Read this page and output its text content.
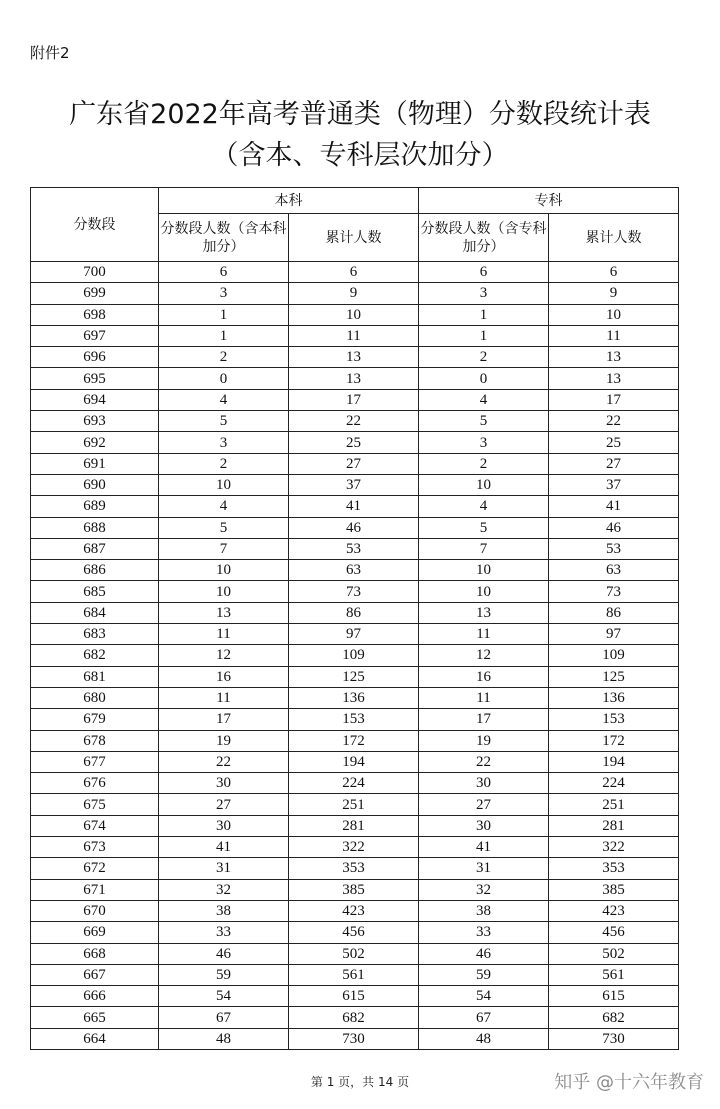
附件2
广东省2022年高考普通类（物理）分数段统计表
（含本、专科层次加分）
分数段	本科		专科	
	分数段人数（含本科加分）	累计人数	分数段人数（含专科加分）	累计人数
700	6	6	6	6
699	3	9	3	9
698	1	10	1	10
697	1	11	1	11
696	2	13	2	13
695	0	13	0	13
694	4	17	4	17
693	5	22	5	22
692	3	25	3	25
691	2	27	2	27
690	10	37	10	37
689	4	41	4	41
688	5	46	5	46
687	7	53	7	53
686	10	63	10	63
685	10	73	10	73
684	13	86	13	86
683	11	97	11	97
682	12	109	12	109
681	16	125	16	125
680	11	136	11	136
679	17	153	17	153
678	19	172	19	172
677	22	194	22	194
676	30	224	30	224
675	27	251	27	251
674	30	281	30	281
673	41	322	41	322
672	31	353	31	353
671	32	385	32	385
670	38	423	38	423
669	33	456	33	456
668	46	502	46	502
667	59	561	59	561
666	54	615	54	615
665	67	682	67	682
664	48	730	48	730
第 1 页，共 14 页	知乎 @十六年教育
